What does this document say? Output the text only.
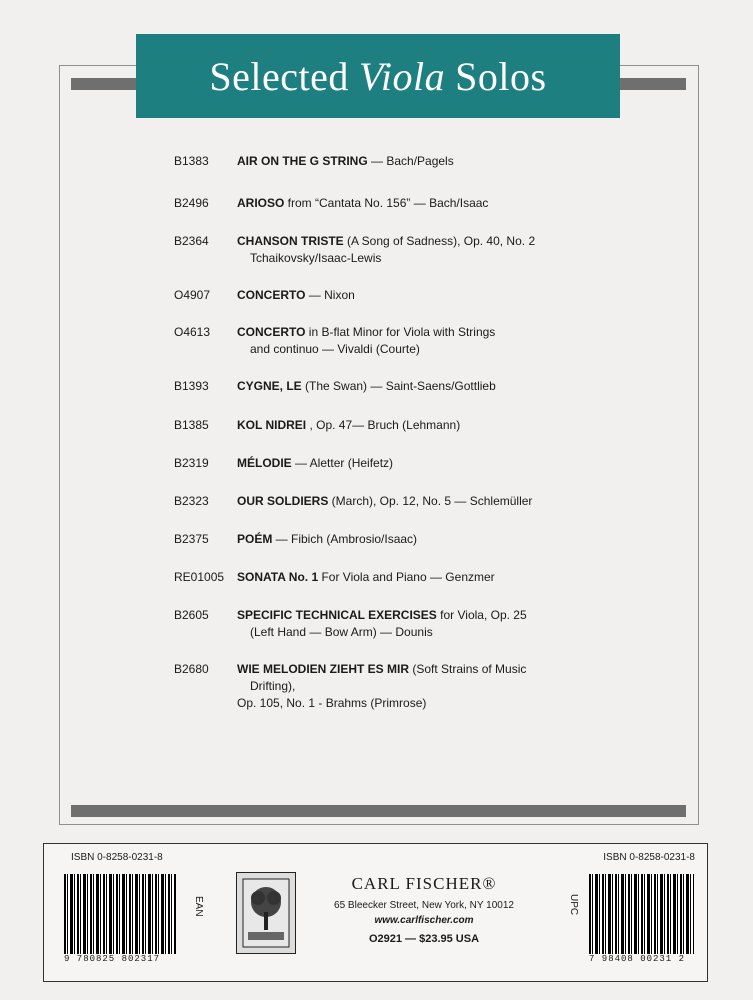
Selected Viola Solos
B1383 AIR ON THE G STRING — Bach/Pagels
B2496 ARIOSO from “Cantata No. 156” — Bach/Isaac
B2364 CHANSON TRISTE (A Song of Sadness), Op. 40, No. 2
Tchaikovsky/Isaac-Lewis
O4907 CONCERTO — Nixon
O4613 CONCERTO in B-flat Minor for Viola with Strings
and continuo — Vivaldi (Courte)
B1393 CYGNE, LE (The Swan) — Saint-Saens/Gottlieb
B1385 KOL NIDREI , Op. 47— Bruch (Lehmann)
B2319 MÉLODIE — Aletter (Heifetz)
B2323 OUR SOLDIERS (March), Op. 12, No. 5 — Schlemüller
B2375 POÉM — Fibich (Ambrosio/Isaac)
RE01005 SONATA No. 1 For Viola and Piano — Genzmer
B2605 SPECIFIC TECHNICAL EXERCISES for Viola, Op. 25
(Left Hand — Bow Arm) — Dounis
B2680 WIE MELODIEN ZIEHT ES MIR (Soft Strains of Music
Drifting),
Op. 105, No. 1 - Brahms (Primrose)
ISBN 0-8258-0231-8	ISBN 0-8258-0231-8
9 780825 802317
EAN
CARL FISCHER®
65 Bleecker Street, New York, NY 10012
www.carlfischer.com
O2921 — $23.95 USA
UPC
7 98408 00231 2
